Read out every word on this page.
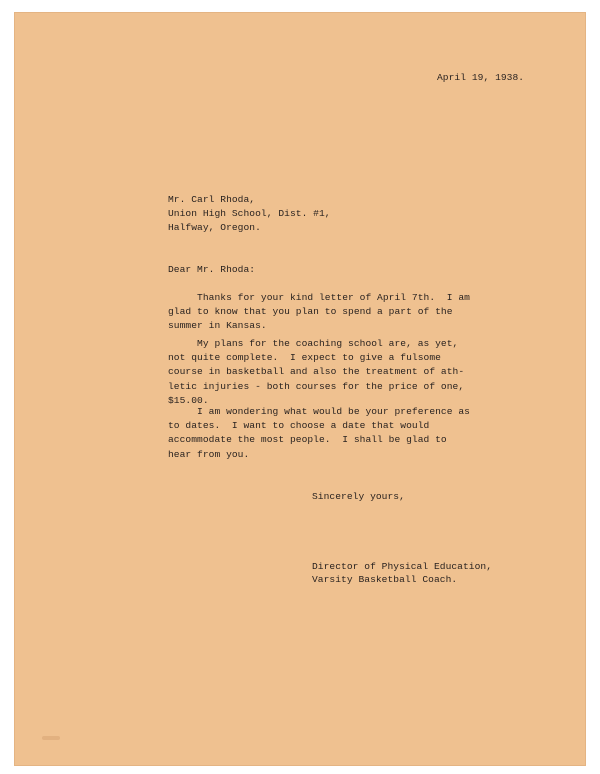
April 19, 1938.
Mr. Carl Rhoda,
Union High School, Dist. #1,
Halfway, Oregon.
Dear Mr. Rhoda:
Thanks for your kind letter of April 7th.  I am
glad to know that you plan to spend a part of the
summer in Kansas.
My plans for the coaching school are, as yet,
not quite complete.  I expect to give a fulsome
course in basketball and also the treatment of ath-
letic injuries - both courses for the price of one,
$15.00.
I am wondering what would be your preference as
to dates.  I want to choose a date that would
accommodate the most people.  I shall be glad to
hear from you.
Sincerely yours,
Director of Physical Education,
Varsity Basketball Coach.
